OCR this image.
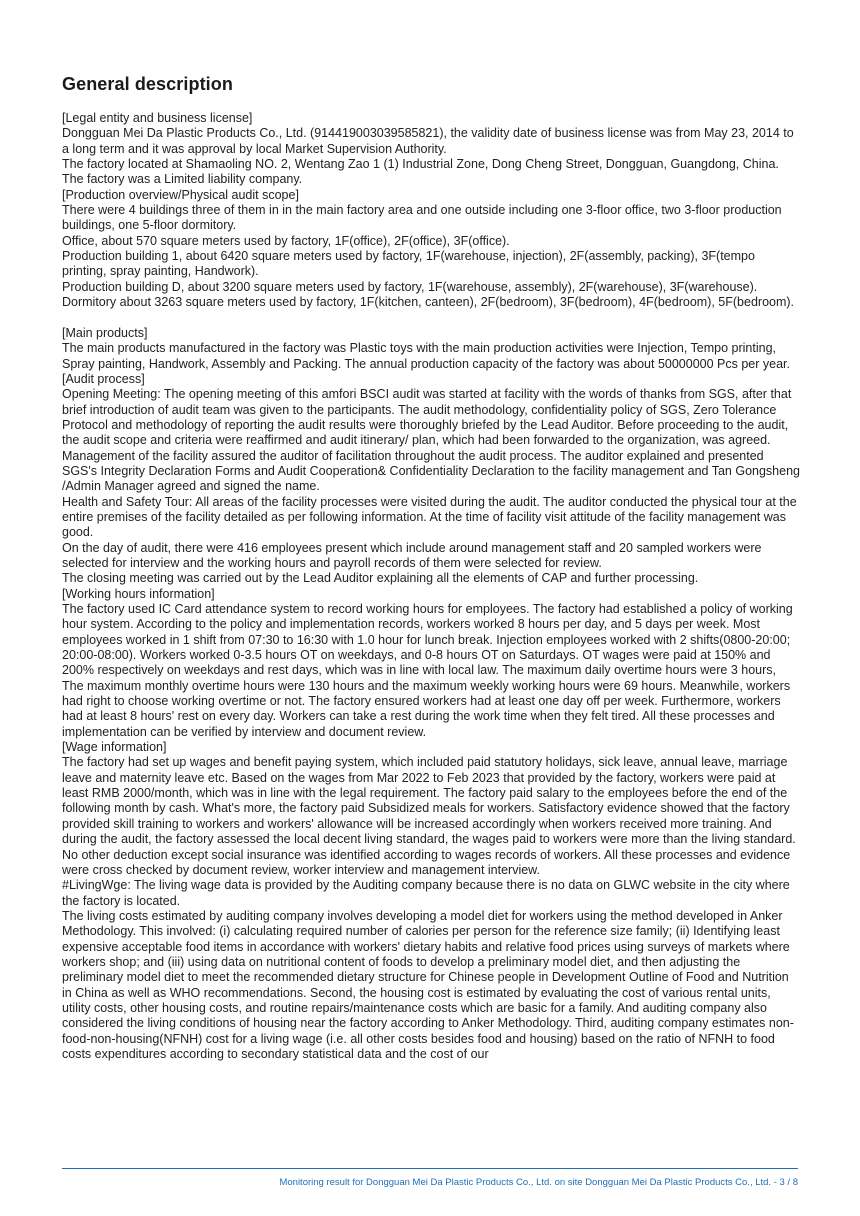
General description

[Legal entity and business license]

Dongguan Mei Da Plastic Products Co., Ltd. (91441900303958582​1), the validity date of business license was from May 23, 2014 to a long term and it was approval by local Market Supervision Authority.

The factory located at Shamaoling NO. 2, Wentang Zao 1 (1) Industrial Zone, Dong Cheng Street, Dongguan, Guangdong, China.

The factory was a Limited liability company.

[Production overview/Physical audit scope]

There were 4 buildings three of them in in the main factory area and one outside including one 3-floor office, two 3-floor production buildings, one 5-floor dormitory.

Office, about 570 square meters used by factory, 1F(office), 2F(office), 3F(office).

Production building 1, about 6420 square meters used by factory, 1F(warehouse, injection), 2F(assembly, packing), 3F(tempo printing, spray painting, Handwork).

Production building D, about 3200 square meters used by factory, 1F(warehouse, assembly), 2F(warehouse), 3F(warehouse).

Dormitory about 3263 square meters used by factory, 1F(kitchen, canteen), 2F(bedroom), 3F(bedroom), 4F(bedroom), 5F(bedroom).

[Main products]

The main products manufactured in the factory was Plastic toys with the main production activities were Injection, Tempo printing, Spray painting, Handwork, Assembly and Packing. The annual production capacity of the factory was about 50000000 Pcs per year.

[Audit process]

Opening Meeting: The opening meeting of this amfori BSCI audit was started at facility with the words of thanks from SGS, after that brief introduction of audit team was given to the participants. The audit methodology, confidentiality policy of SGS, Zero Tolerance Protocol and methodology of reporting the audit results were thoroughly briefed by the Lead Auditor. Before proceeding to the audit, the audit scope and criteria were reaffirmed and audit itinerary/ plan, which had been forwarded to the organization, was agreed. Management of the facility assured the auditor of facilitation throughout the audit process. The auditor explained and presented SGS's Integrity Declaration Forms and Audit Cooperation& Confidentiality Declaration to the facility management and Tan Gongsheng /Admin Manager agreed and signed the name.

Health and Safety Tour: All areas of the facility processes were visited during the audit. The auditor conducted the physical tour at the entire premises of the facility detailed as per following information. At the time of facility visit attitude of the facility management was good.

On the day of audit, there were 416 employees present which include around management staff and 20 sampled workers were selected for interview and the working hours and payroll records of them were selected for review.

The closing meeting was carried out by the Lead Auditor explaining all the elements of CAP and further processing.

[Working hours information]

The factory used IC Card attendance system to record working hours for employees. The factory had established a policy of working hour system. According to the policy and implementation records, workers worked 8 hours per day, and 5 days per week. Most employees worked in 1 shift from 07:30 to 16:30 with 1.0 hour for lunch break. Injection employees worked with 2 shifts(0800-20:00; 20:00-08:00). Workers worked 0-3.5 hours OT on weekdays, and 0-8 hours OT on Saturdays. OT wages were paid at 150% and 200% respectively on weekdays and rest days, which was in line with local law. The maximum daily overtime hours were 3 hours, The maximum monthly overtime hours were 130 hours and the maximum weekly working hours were 69 hours. Meanwhile, workers had right to choose working overtime or not. The factory ensured workers had at least one day off per week. Furthermore, workers had at least 8 hours' rest on every day. Workers can take a rest during the work time when they felt tired. All these processes and implementation can be verified by interview and document review.

[Wage information]

The factory had set up wages and benefit paying system, which included paid statutory holidays, sick leave, annual leave, marriage leave and maternity leave etc. Based on the wages from Mar 2022 to Feb 2023 that provided by the factory, workers were paid at least RMB 2000/month, which was in line with the legal requirement. The factory paid salary to the employees before the end of the following month by cash. What's more, the factory paid Subsidized meals for workers. Satisfactory evidence showed that the factory provided skill training to workers and workers' allowance will be increased accordingly when workers received more training. And during the audit, the factory assessed the local decent living standard, the wages paid to workers were more than the living standard. No other deduction except social insurance was identified according to wages records of workers. All these processes and evidence were cross checked by document review, worker interview and management interview.

#LivingWge: The living wage data is provided by the Auditing company because there is no data on GLWC website in the city where the factory is located.

The living costs estimated by auditing company involves developing a model diet for workers using the method developed in Anker Methodology. This involved: (i) calculating required number of calories per person for the reference size family; (ii) Identifying least expensive acceptable food items in accordance with workers' dietary habits and relative food prices using surveys of markets where workers shop; and (iii) using data on nutritional content of foods to develop a preliminary model diet, and then adjusting the preliminary model diet to meet the recommended dietary structure for Chinese people in Development Outline of Food and Nutrition in China as well as WHO recommendations. Second, the housing cost is estimated by evaluating the cost of various rental units, utility costs, other housing costs, and routine repairs/maintenance costs which are basic for a family. And auditing company also considered the living conditions of housing near the factory according to Anker Methodology. Third, auditing company estimates non-food-non-housing(NFNH) cost for a living wage (i.e. all other costs besides food and housing) based on the ratio of NFNH to food costs expenditures according to secondary statistical data and the cost of our

Monitoring result for Dongguan Mei Da Plastic Products Co., Ltd. on site Dongguan Mei Da Plastic Products Co., Ltd. - 3 / 8
